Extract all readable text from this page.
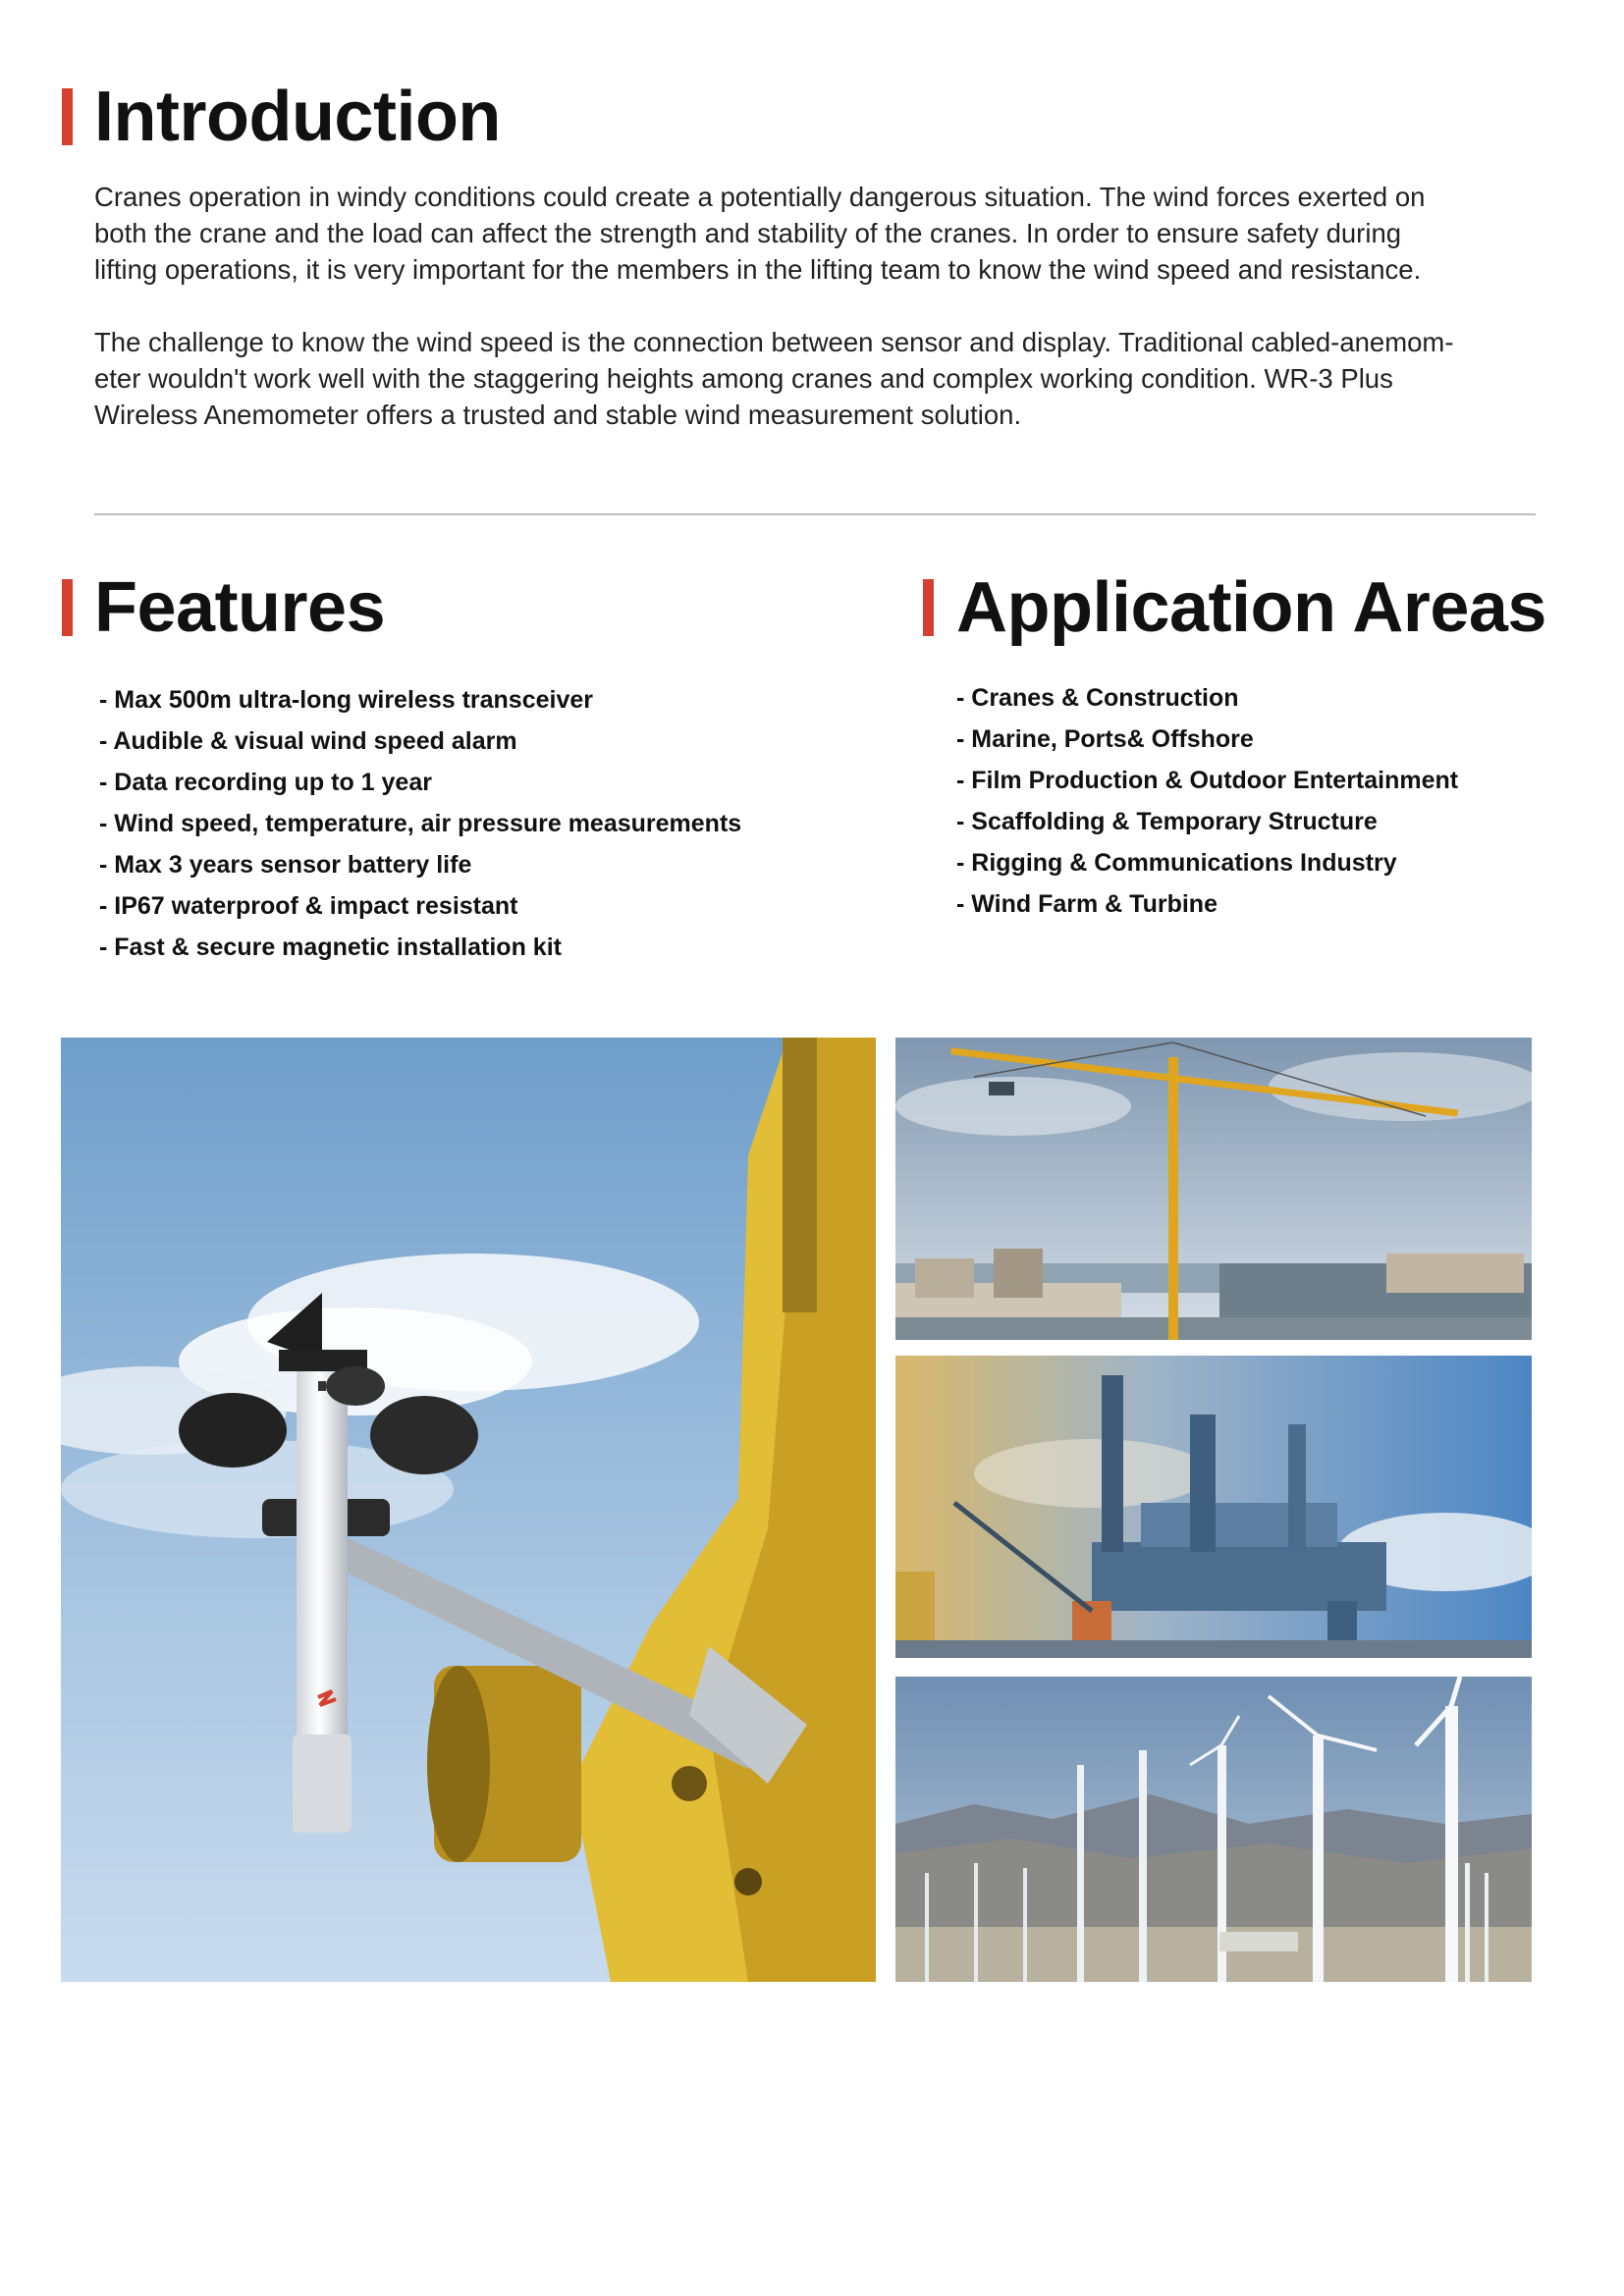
Introduction

Cranes operation in windy conditions could create a potentially dangerous situation. The wind forces exerted on
both the crane and the load can affect the strength and stability of the cranes. In order to ensure safety during
lifting operations, it is very important for the members in the lifting team to know the wind speed and resistance.

The challenge to know the wind speed is the connection between sensor and display. Traditional cabled-anemom-
eter wouldn't work well with the staggering heights among cranes and complex working condition. WR-3 Plus
Wireless Anemometer offers a trusted and stable wind measurement solution.

Features
- Max 500m ultra-long wireless transceiver
- Audible & visual wind speed alarm
- Data recording up to 1 year
- Wind speed, temperature, air pressure measurements
- Max 3 years sensor battery life
- IP67 waterproof & impact resistant
- Fast & secure magnetic installation kit
Application Areas
- Cranes & Construction
- Marine, Ports& Offshore
- Film Production & Outdoor Entertainment
- Scaffolding & Temporary Structure
- Rigging & Communications Industry
- Wind Farm & Turbine
